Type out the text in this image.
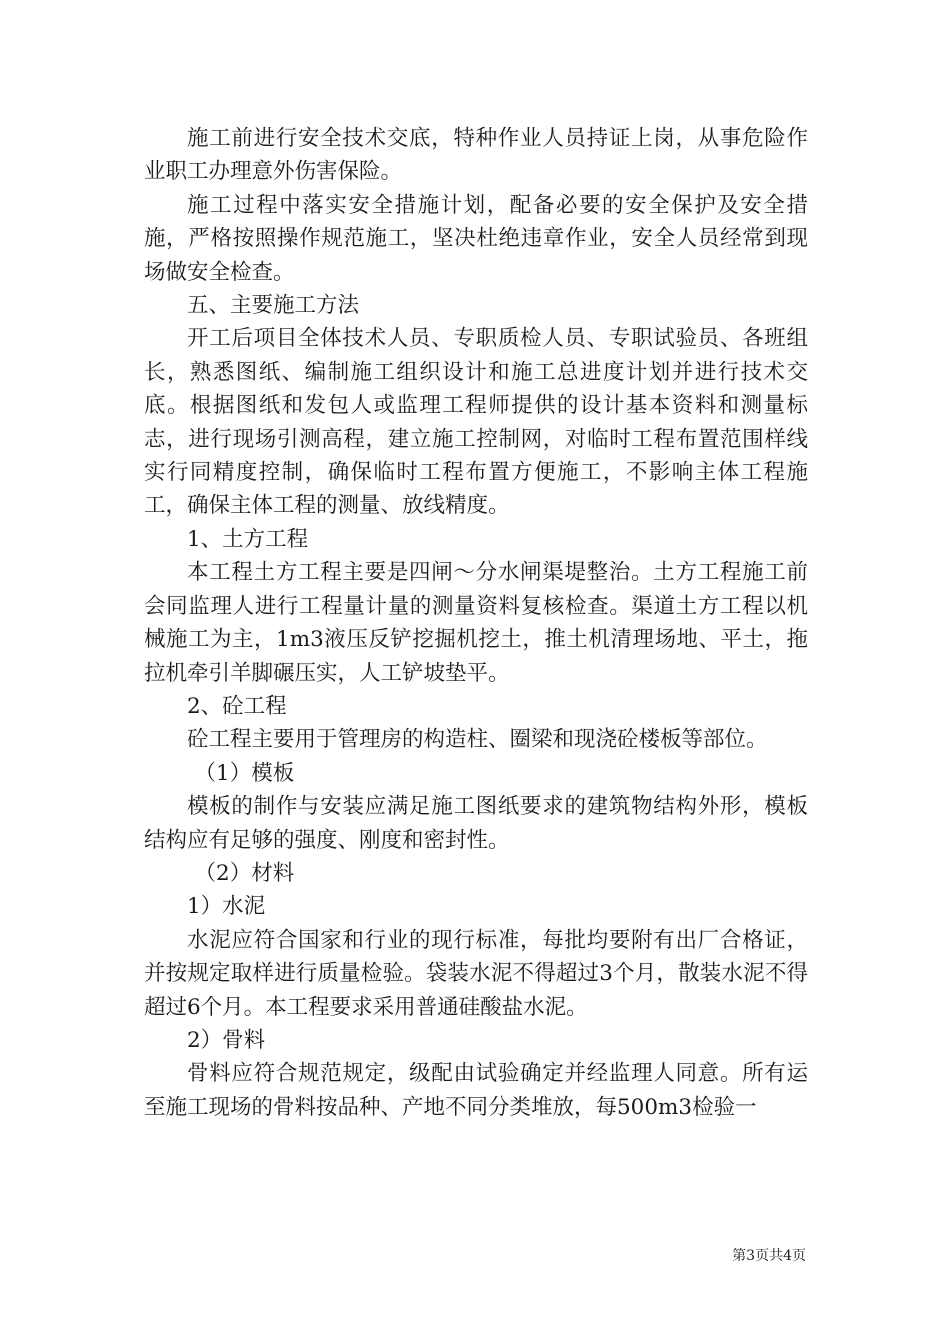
施工前进行安全技术交底，特种作业人员持证上岗，从事危险作业职工办理意外伤害保险。

施工过程中落实安全措施计划，配备必要的安全保护及安全措施，严格按照操作规范施工，坚决杜绝违章作业，安全人员经常到现场做安全检查。

五、主要施工方法

开工后项目全体技术人员、专职质检人员、专职试验员、各班组长，熟悉图纸、编制施工组织设计和施工总进度计划并进行技术交底。根据图纸和发包人或监理工程师提供的设计基本资料和测量标志，进行现场引测高程，建立施工控制网，对临时工程布置范围样线实行同精度控制，确保临时工程布置方便施工，不影响主体工程施工，确保主体工程的测量、放线精度。

1、土方工程

本工程土方工程主要是四闸～分水闸渠堤整治。土方工程施工前会同监理人进行工程量计量的测量资料复核检查。渠道土方工程以机械施工为主，1m3液压反铲挖掘机挖土，推土机清理场地、平土，拖拉机牵引羊脚碾压实，人工铲坡垫平。

2、砼工程

砼工程主要用于管理房的构造柱、圈梁和现浇砼楼板等部位。

（1）模板

模板的制作与安装应满足施工图纸要求的建筑物结构外形，模板结构应有足够的强度、刚度和密封性。

（2）材料

1）水泥

水泥应符合国家和行业的现行标准，每批均要附有出厂合格证，并按规定取样进行质量检验。袋装水泥不得超过3个月，散装水泥不得超过6个月。本工程要求采用普通硅酸盐水泥。

2）骨料

骨料应符合规范规定，级配由试验确定并经监理人同意。所有运至施工现场的骨料按品种、产地不同分类堆放，每500m3检验一

第3页共4页
